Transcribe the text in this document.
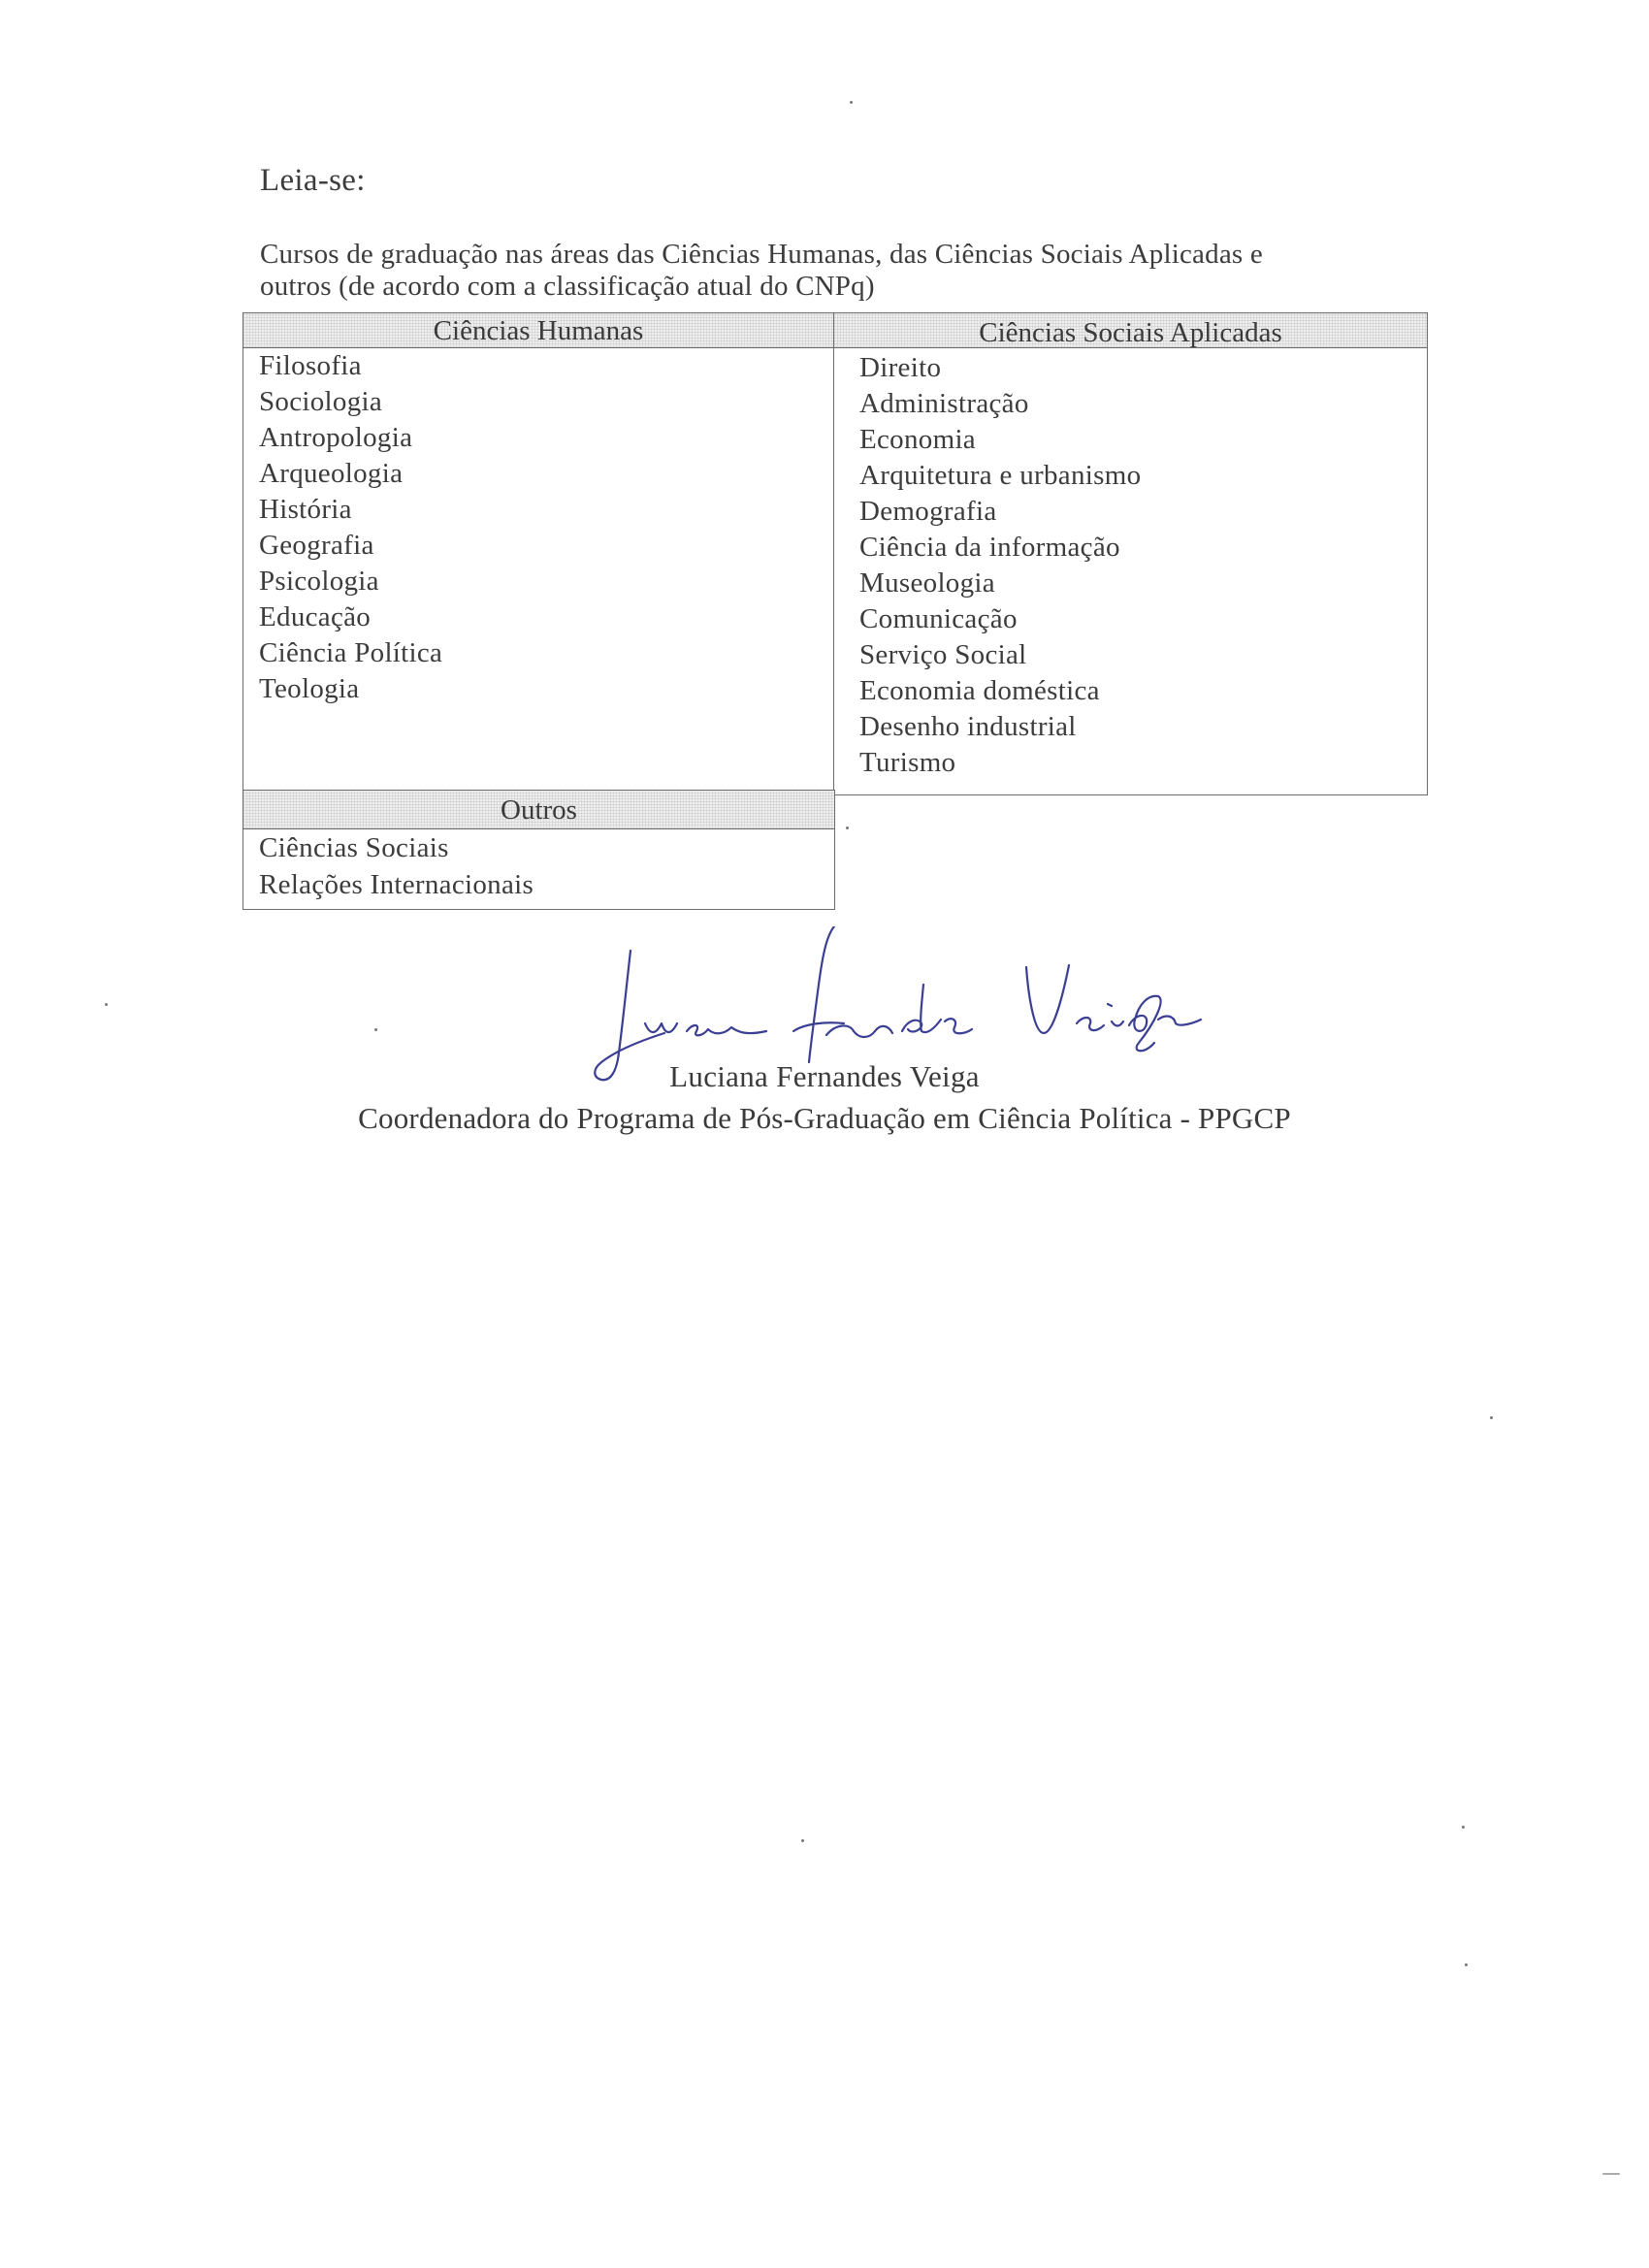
Leia-se:
Cursos de graduação nas áreas das Ciências Humanas, das Ciências Sociais Aplicadas e
outros (de acordo com a classificação atual do CNPq)
Ciências Humanas
Filosofia
Sociologia
Antropologia
Arqueologia
História
Geografia
Psicologia
Educação
Ciência Política
Teologia
Ciências Sociais Aplicadas
Direito
Administração
Economia
Arquitetura e urbanismo
Demografia
Ciência da informação
Museologia
Comunicação
Serviço Social
Economia doméstica
Desenho industrial
Turismo
Outros
Ciências Sociais
Relações Internacionais
Luciana Fernandes Veiga
Coordenadora do Programa de Pós-Graduação em Ciência Política - PPGCP
